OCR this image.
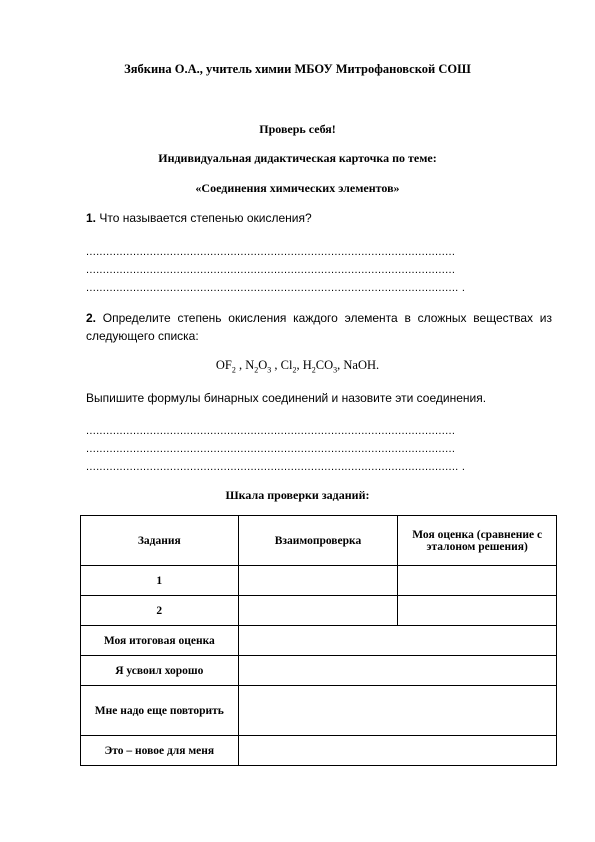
Зябкина О.А., учитель химии МБОУ Митрофановской СОШ
Проверь себя!
Индивидуальная дидактическая карточка по теме:
«Соединения химических элементов»
1. Что называется степенью окисления?
..............................................................................................................
..............................................................................................................
............................................................................................................... .
2. Определите степень окисления каждого элемента в сложных веществах из следующего списка:
$OF_2$ , $N_2O_3$ , $Cl_2$, $H_2CO_3$, NaOH.
Выпишите формулы бинарных соединений и назовите эти соединения.
..............................................................................................................
..............................................................................................................
............................................................................................................... .
Шкала проверки заданий:
Задания	Взаимопроверка	Моя оценка (сравнение с эталоном решения)
1		
2		
Моя итоговая оценка		
Я усвоил хорошо		
Мне надо еще повторить		
Это – новое для меня		
